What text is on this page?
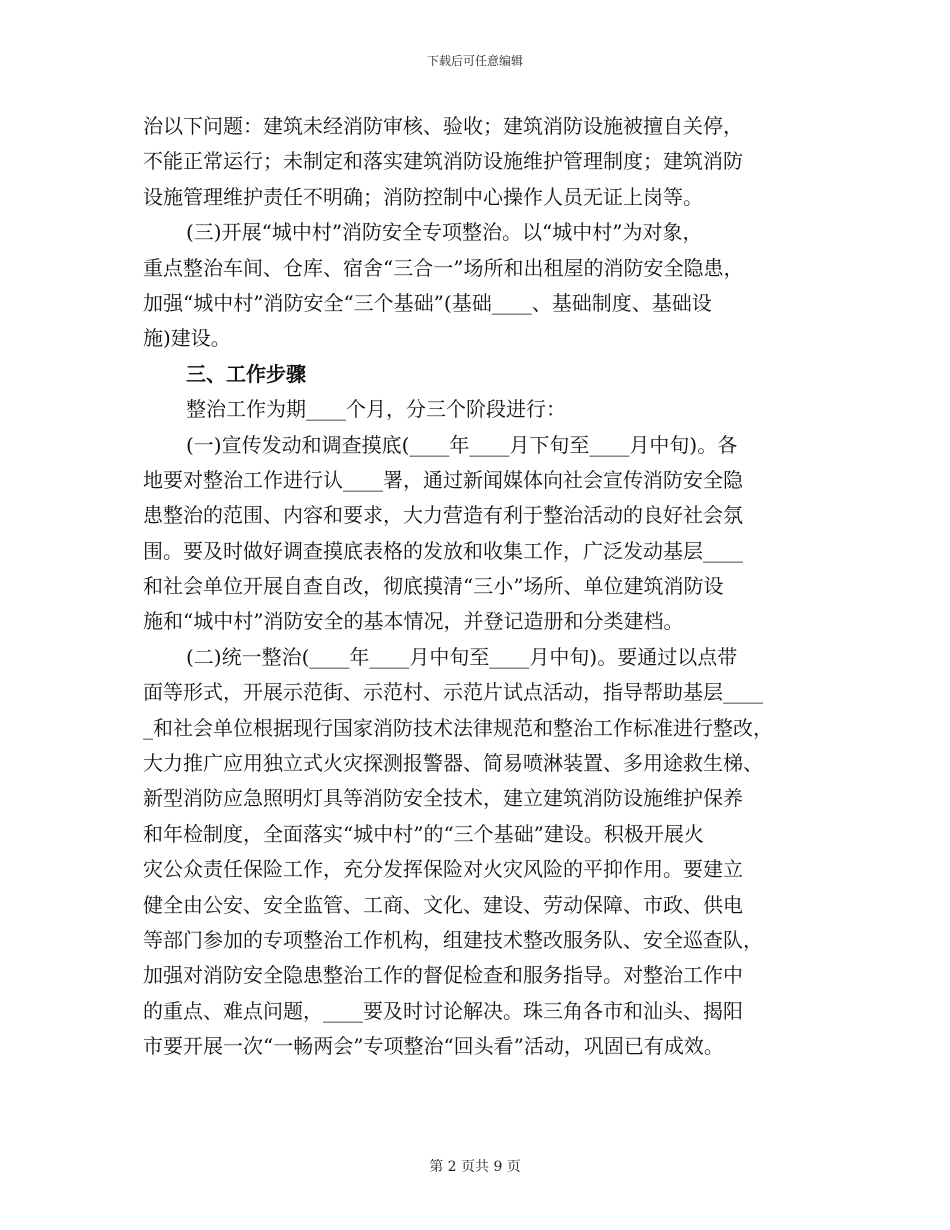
下载后可任意编辑
治以下问题：建筑未经消防审核、验收；建筑消防设施被擅自关停，
不能正常运行；未制定和落实建筑消防设施维护管理制度；建筑消防
设施管理维护责任不明确；消防控制中心操作人员无证上岗等。
(三)开展“城中村”消防安全专项整治。以“城中村”为对象，
重点整治车间、仓库、宿舍“三合一”场所和出租屋的消防安全隐患，
加强“城中村”消防安全“三个基础”(基础____、基础制度、基础设
施)建设。
三、工作步骤
整治工作为期____个月，分三个阶段进行：
(一)宣传发动和调查摸底(____年____月下旬至____月中旬)。各
地要对整治工作进行认____署，通过新闻媒体向社会宣传消防安全隐
患整治的范围、内容和要求，大力营造有利于整治活动的良好社会氛
围。要及时做好调查摸底表格的发放和收集工作，广泛发动基层____
和社会单位开展自查自改，彻底摸清“三小”场所、单位建筑消防设
施和“城中村”消防安全的基本情况，并登记造册和分类建档。
(二)统一整治(____年____月中旬至____月中旬)。要通过以点带
面等形式，开展示范街、示范村、示范片试点活动，指导帮助基层____
_和社会单位根据现行国家消防技术法律规范和整治工作标准进行整改，
大力推广应用独立式火灾探测报警器、简易喷淋装置、多用途救生梯、
新型消防应急照明灯具等消防安全技术，建立建筑消防设施维护保养
和年检制度，全面落实“城中村”的“三个基础”建设。积极开展火
灾公众责任保险工作，充分发挥保险对火灾风险的平抑作用。要建立
健全由公安、安全监管、工商、文化、建设、劳动保障、市政、供电
等部门参加的专项整治工作机构，组建技术整改服务队、安全巡查队，
加强对消防安全隐患整治工作的督促检查和服务指导。对整治工作中
的重点、难点问题，____要及时讨论解决。珠三角各市和汕头、揭阳
市要开展一次“一畅两会”专项整治“回头看”活动，巩固已有成效。
第 2 页共 9 页
